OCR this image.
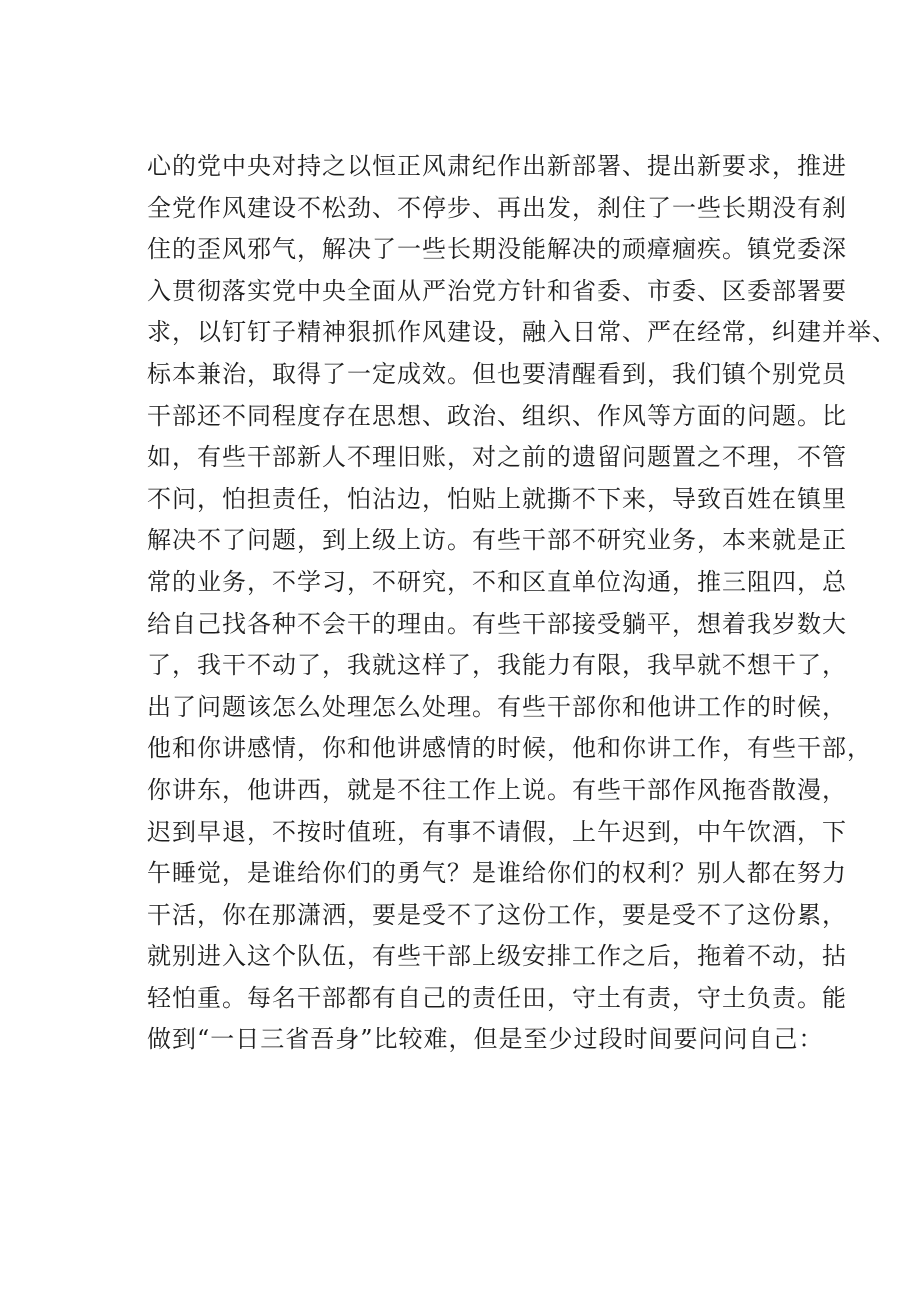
心的党中央对持之以恒正风肃纪作出新部署、提出新要求，推进
全党作风建设不松劲、不停步、再出发，刹住了一些长期没有刹
住的歪风邪气，解决了一些长期没能解决的顽瘴痼疾。镇党委深
入贯彻落实党中央全面从严治党方针和省委、市委、区委部署要
求，以钉钉子精神狠抓作风建设，融入日常、严在经常，纠建并举、
标本兼治，取得了一定成效。但也要清醒看到，我们镇个别党员
干部还不同程度存在思想、政治、组织、作风等方面的问题。比
如，有些干部新人不理旧账，对之前的遗留问题置之不理，不管
不问，怕担责任，怕沾边，怕贴上就撕不下来，导致百姓在镇里
解决不了问题，到上级上访。有些干部不研究业务，本来就是正
常的业务，不学习，不研究，不和区直单位沟通，推三阻四，总
给自己找各种不会干的理由。有些干部接受躺平，想着我岁数大
了，我干不动了，我就这样了，我能力有限，我早就不想干了，
出了问题该怎么处理怎么处理。有些干部你和他讲工作的时候，
他和你讲感情，你和他讲感情的时候，他和你讲工作，有些干部，
你讲东，他讲西，就是不往工作上说。有些干部作风拖沓散漫，
迟到早退，不按时值班，有事不请假，上午迟到，中午饮酒，下
午睡觉，是谁给你们的勇气？是谁给你们的权利？别人都在努力
干活，你在那潇洒，要是受不了这份工作，要是受不了这份累，
就别进入这个队伍，有些干部上级安排工作之后，拖着不动，拈
轻怕重。每名干部都有自己的责任田，守土有责，守土负责。能
做到“一日三省吾身”比较难，但是至少过段时间要问问自己：
